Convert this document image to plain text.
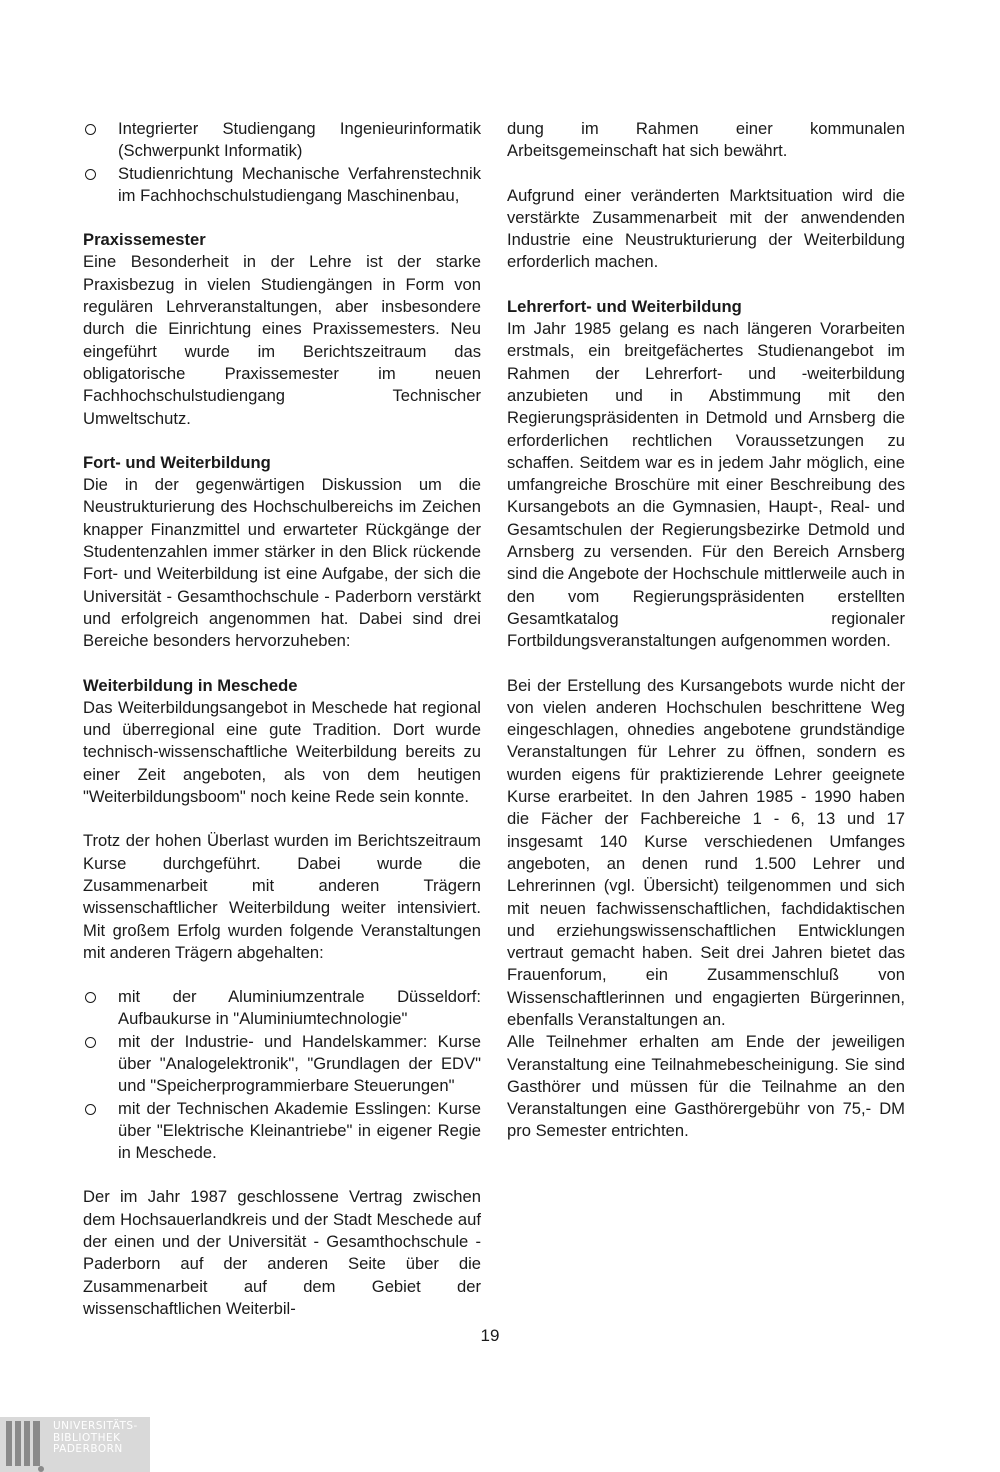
Integrierter Studiengang Ingenieurinformatik (Schwerpunkt Informatik)
Studienrichtung Mechanische Verfahrenstechnik im Fachhochschulstudiengang Maschinenbau,
Praxissemester

Eine Besonderheit in der Lehre ist der starke Praxisbezug in vielen Studiengängen in Form von regulären Lehrveranstaltungen, aber insbesondere durch die Einrichtung eines Praxissemesters. Neu eingeführt wurde im Berichtszeitraum das obligatorische Praxissemester im neuen Fachhochschulstudiengang Technischer Umweltschutz.

Fort- und Weiterbildung

Die in der gegenwärtigen Diskussion um die Neustrukturierung des Hochschulbereichs im Zeichen knapper Finanzmittel und erwarteter Rückgänge der Studentenzahlen immer stärker in den Blick rückende Fort- und Weiterbildung ist eine Aufgabe, der sich die Universität - Gesamthochschule - Paderborn verstärkt und erfolgreich angenommen hat. Dabei sind drei Bereiche besonders hervorzuheben:

Weiterbildung in Meschede

Das Weiterbildungsangebot in Meschede hat regional und überregional eine gute Tradition. Dort wurde technisch-wissenschaftliche Weiterbildung bereits zu einer Zeit angeboten, als von dem heutigen "Weiterbildungsboom" noch keine Rede sein konnte.

Trotz der hohen Überlast wurden im Berichtszeitraum Kurse durchgeführt. Dabei wurde die Zusammenarbeit mit anderen Trägern wissenschaftlicher Weiterbildung weiter intensiviert. Mit großem Erfolg wurden folgende Veranstaltungen mit anderen Trägern abgehalten:

mit der Aluminiumzentrale Düsseldorf: Aufbaukurse in "Aluminiumtechnologie"
mit der Industrie- und Handelskammer: Kurse über "Analogelektronik", "Grundlagen der EDV" und "Speicherprogrammierbare Steuerungen"
mit der Technischen Akademie Esslingen: Kurse über "Elektrische Kleinantriebe" in eigener Regie in Meschede.

Der im Jahr 1987 geschlossene Vertrag zwischen dem Hochsauerlandkreis und der Stadt Meschede auf der einen und der Universität - Gesamthochschule - Paderborn auf der anderen Seite über die Zusammenarbeit auf dem Gebiet der wissenschaftlichen Weiterbil-

dung im Rahmen einer kommunalen Arbeitsgemeinschaft hat sich bewährt.

Aufgrund einer veränderten Marktsituation wird die verstärkte Zusammenarbeit mit der anwendenden Industrie eine Neustrukturierung der Weiterbildung erforderlich machen.

Lehrerfort- und Weiterbildung

Im Jahr 1985 gelang es nach längeren Vorarbeiten erstmals, ein breitgefächertes Studienangebot im Rahmen der Lehrerfort- und -weiterbildung anzubieten und in Abstimmung mit den Regierungspräsidenten in Detmold und Arnsberg die erforderlichen rechtlichen Voraussetzungen zu schaffen. Seitdem war es in jedem Jahr möglich, eine umfangreiche Broschüre mit einer Beschreibung des Kursangebots an die Gymnasien, Haupt-, Real- und Gesamtschulen der Regierungsbezirke Detmold und Arnsberg zu versenden. Für den Bereich Arnsberg sind die Angebote der Hochschule mittlerweile auch in den vom Regierungspräsidenten erstellten Gesamtkatalog regionaler Fortbildungsveranstaltungen aufgenommen worden.

Bei der Erstellung des Kursangebots wurde nicht der von vielen anderen Hochschulen beschrittene Weg eingeschlagen, ohnedies angebotene grundständige Veranstaltungen für Lehrer zu öffnen, sondern es wurden eigens für praktizierende Lehrer geeignete Kurse erarbeitet. In den Jahren 1985 - 1990 haben die Fächer der Fachbereiche 1 - 6, 13 und 17 insgesamt 140 Kurse verschiedenen Umfanges angeboten, an denen rund 1.500 Lehrer und Lehrerinnen (vgl. Übersicht) teilgenommen und sich mit neuen fachwissenschaftlichen, fachdidaktischen und erziehungswissenschaftlichen Entwicklungen vertraut gemacht haben. Seit drei Jahren bietet das Frauenforum, ein Zusammenschluß von Wissenschaftlerinnen und engagierten Bürgerinnen, ebenfalls Veranstaltungen an.

Alle Teilnehmer erhalten am Ende der jeweiligen Veranstaltung eine Teilnahmebescheinigung. Sie sind Gasthörer und müssen für die Teilnahme an den Veranstaltungen eine Gasthörergebühr von 75,- DM pro Semester entrichten.

19
UNIVERSITÄTS-
BIBLIOTHEK
PADERBORN
